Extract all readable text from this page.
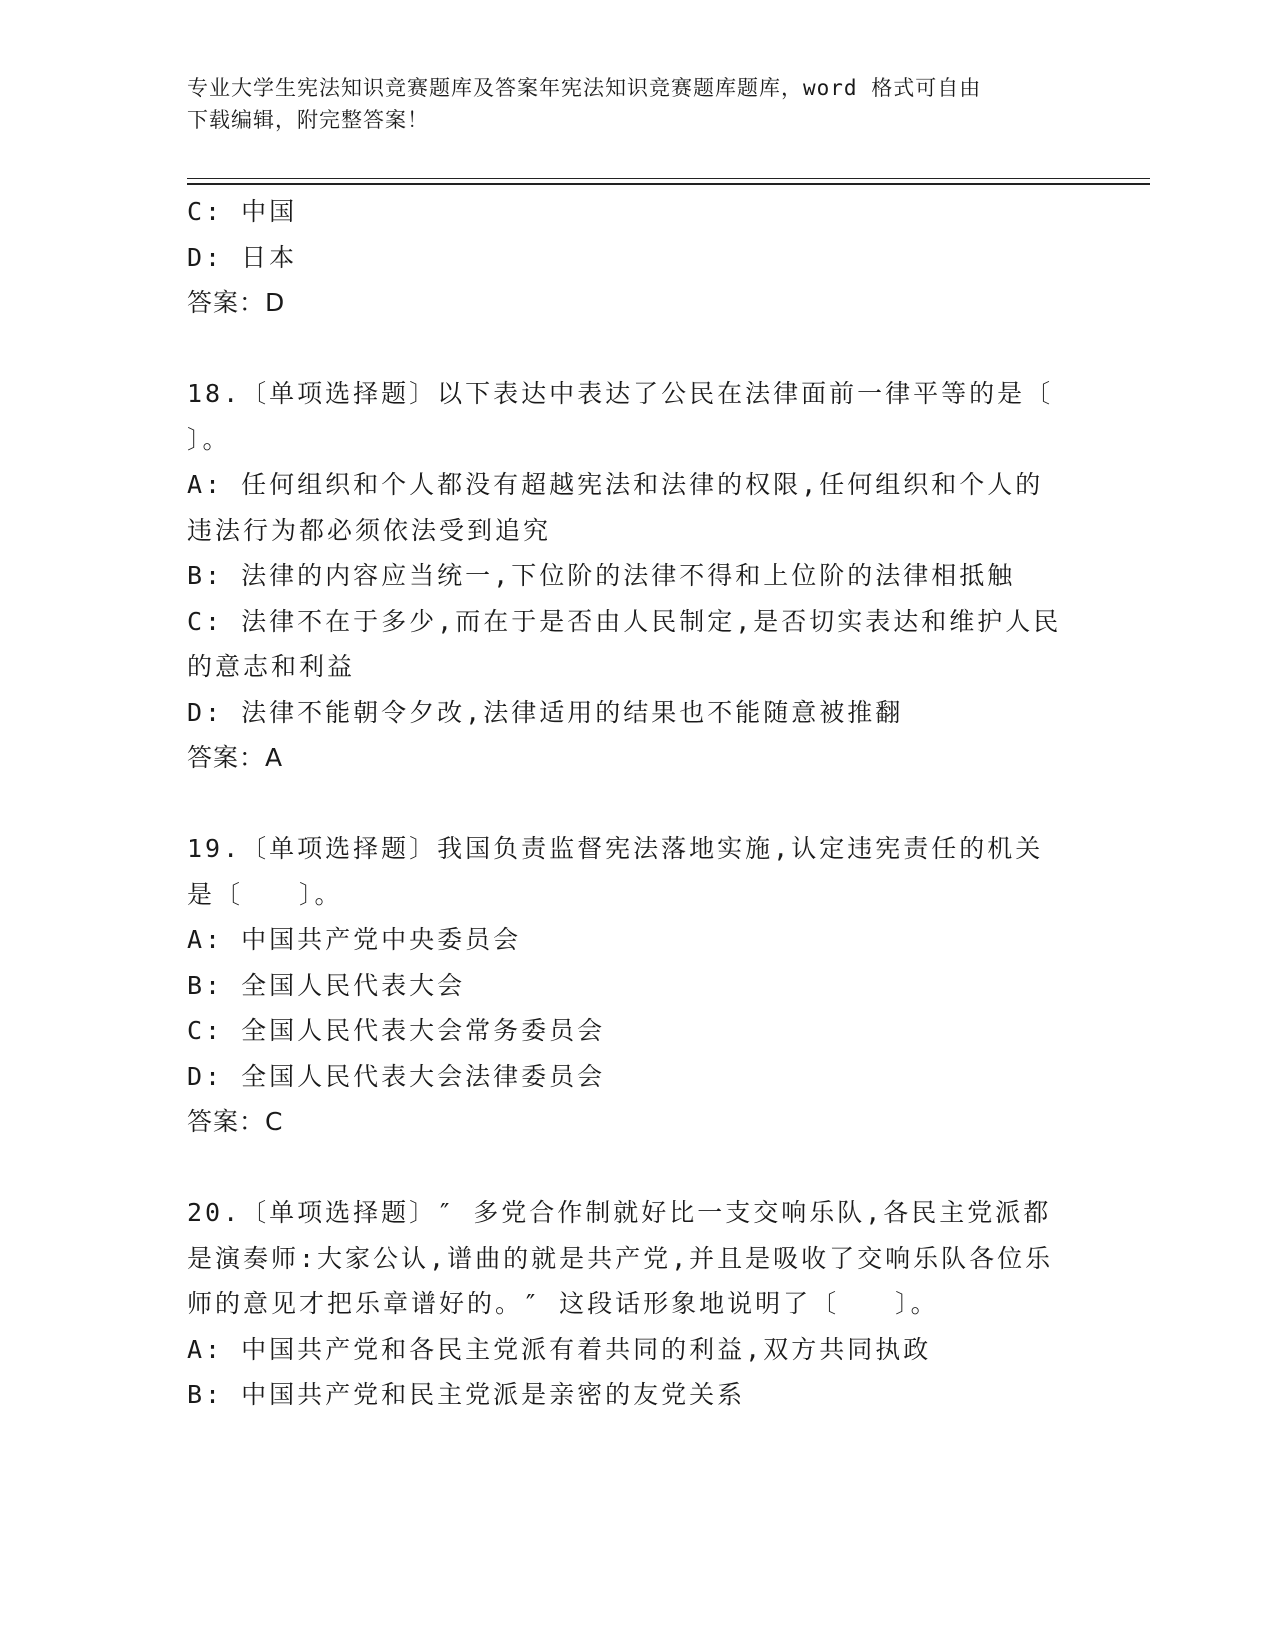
专业大学生宪法知识竞赛题库及答案年宪法知识竞赛题库题库，word 格式可自由
下载编辑，附完整答案！
C: 中国
D: 日本
答案：D
18.〔单项选择题〕以下表达中表达了公民在法律面前一律平等的是〔
〕。
A: 任何组织和个人都没有超越宪法和法律的权限,任何组织和个人的
违法行为都必须依法受到追究
B: 法律的内容应当统一,下位阶的法律不得和上位阶的法律相抵触
C: 法律不在于多少,而在于是否由人民制定,是否切实表达和维护人民
的意志和利益
D: 法律不能朝令夕改,法律适用的结果也不能随意被推翻
答案：A
19.〔单项选择题〕我国负责监督宪法落地实施,认定违宪责任的机关
是〔　　〕。
A: 中国共产党中央委员会
B: 全国人民代表大会
C: 全国人民代表大会常务委员会
D: 全国人民代表大会法律委员会
答案：C
20.〔单项选择题〕″ 多党合作制就好比一支交响乐队,各民主党派都
是演奏师:大家公认,谱曲的就是共产党,并且是吸收了交响乐队各位乐
师的意见才把乐章谱好的。″ 这段话形象地说明了〔　　〕。
A: 中国共产党和各民主党派有着共同的利益,双方共同执政
B: 中国共产党和民主党派是亲密的友党关系
